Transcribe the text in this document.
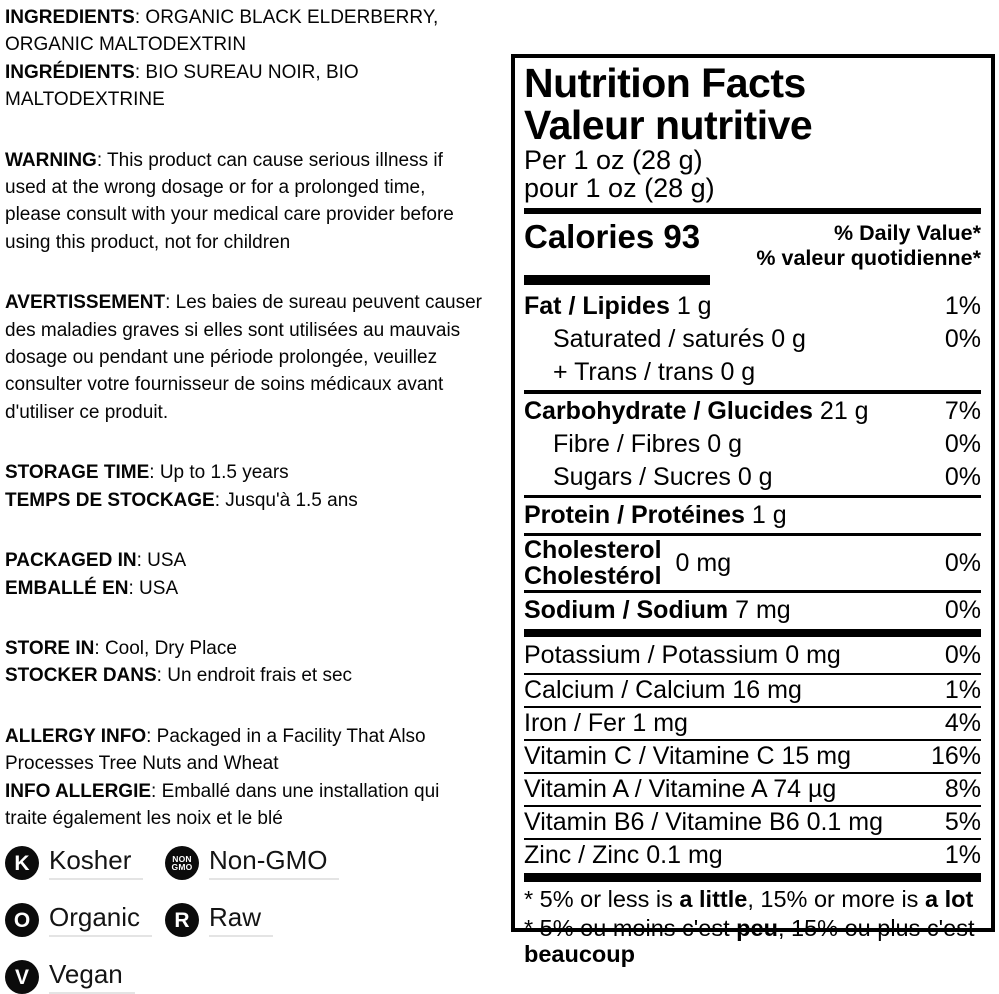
INGREDIENTS: ORGANIC BLACK ELDERBERRY, ORGANIC MALTODEXTRIN

INGRÉDIENTS: BIO SUREAU NOIR, BIO MALTODEXTRINE

WARNING: This product can cause serious illness if used at the wrong dosage or for a prolonged time, please consult with your medical care provider before using this product, not for children

AVERTISSEMENT: Les baies de sureau peuvent causer des maladies graves si elles sont utilisées au mauvais dosage ou pendant une période prolongée, veuillez consulter votre fournisseur de soins médicaux avant d'utiliser ce produit.

STORAGE TIME: Up to 1.5 years

TEMPS DE STOCKAGE: Jusqu'à 1.5 ans

PACKAGED IN: USA

EMBALLÉ EN: USA

STORE IN: Cool, Dry Place

STOCKER DANS: Un endroit frais et sec

ALLERGY INFO: Packaged in a Facility That Also Processes Tree Nuts and Wheat

INFO ALLERGIE: Emballé dans une installation qui traite également les noix et le blé

K Kosher	NON GMO Non-GMO
O Organic	R Raw
V Vegan
Nutrition Facts
Valeur nutritive
Per 1 oz (28 g)
pour 1 oz (28 g)
Calories 93	% Daily Value*
% valeur quotidienne*
Fat / Lipides 1 g	1%
Saturated / saturés 0 g	0%
+ Trans / trans 0 g
Carbohydrate / Glucides 21 g	7%
Fibre / Fibres 0 g	0%
Sugars / Sucres 0 g	0%
Protein / Protéines 1 g
Cholesterol
Cholestérol 0 mg	0%
Sodium / Sodium 7 mg	0%
Potassium / Potassium 0 mg	0%
Calcium / Calcium 16 mg	1%
Iron / Fer 1 mg	4%
Vitamin C / Vitamine C 15 mg	16%
Vitamin A / Vitamine A 74 µg	8%
Vitamin B6 / Vitamine B6 0.1 mg 5%
Zinc / Zinc 0.1 mg	1%
* 5% or less is a little, 15% or more is a lot
* 5% ou moins c'est peu, 15% ou plus c'est beaucoup
